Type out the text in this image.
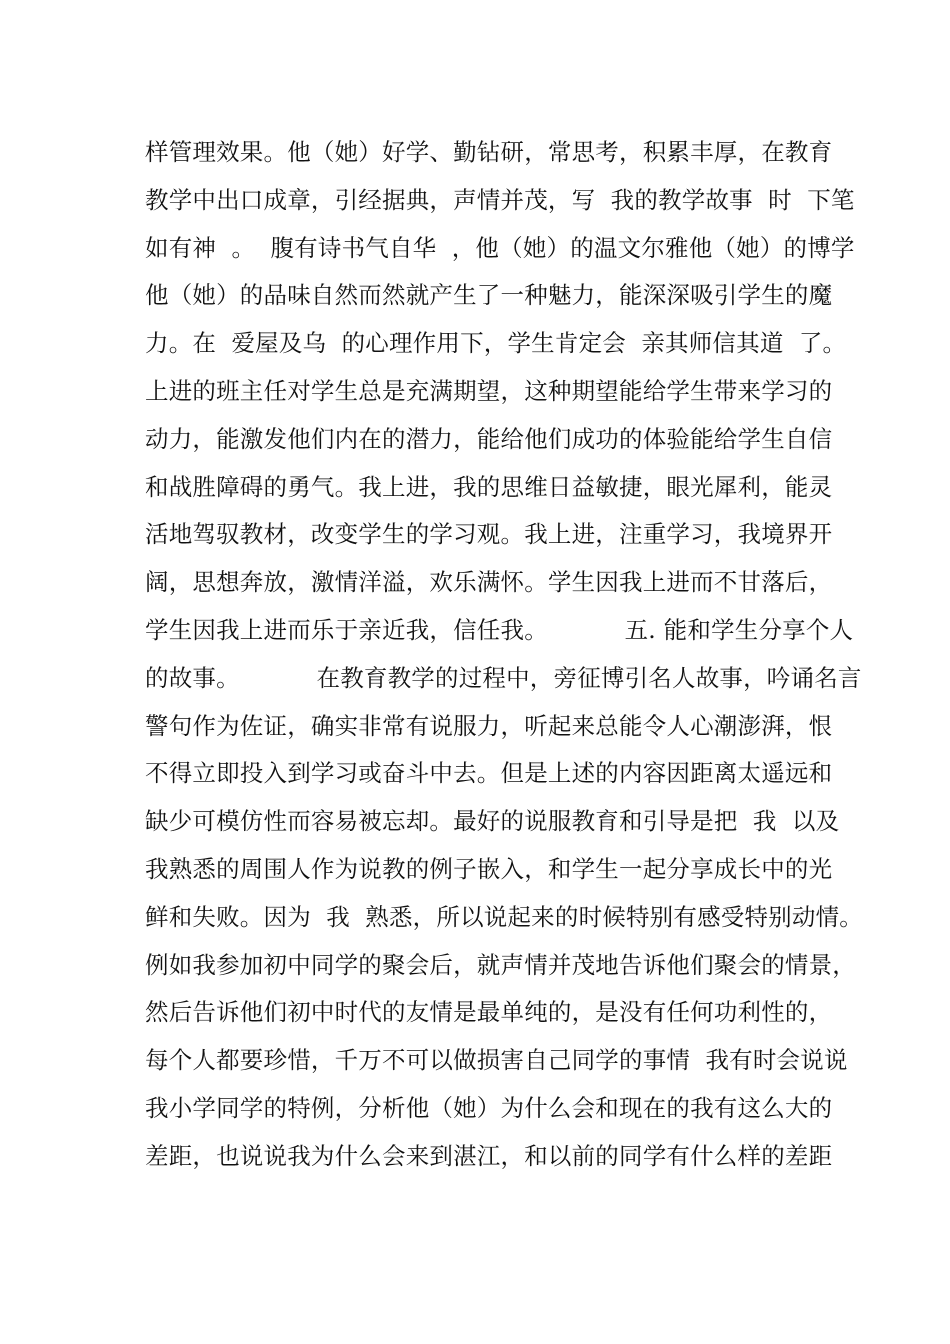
样管理效果。他（她）好学、勤钻研，常思考，积累丰厚，在教育
教学中出口成章，引经据典，声情并茂，写  我的教学故事  时  下笔
如有神  。  腹有诗书气自华  ，他（她）的温文尔雅他（她）的博学
他（她）的品味自然而然就产生了一种魅力，能深深吸引学生的魔
力。在  爱屋及乌  的心理作用下，学生肯定会  亲其师信其道  了。
上进的班主任对学生总是充满期望，这种期望能给学生带来学习的
动力，能激发他们内在的潜力，能给他们成功的体验能给学生自信
和战胜障碍的勇气。我上进，我的思维日益敏捷，眼光犀利，能灵
活地驾驭教材，改变学生的学习观。我上进，注重学习，我境界开
阔，思想奔放，激情洋溢，欢乐满怀。学生因我上进而不甘落后，
学生因我上进而乐于亲近我，信任我。          五. 能和学生分享个人
的故事。          在教育教学的过程中，旁征博引名人故事，吟诵名言
警句作为佐证，确实非常有说服力，听起来总能令人心潮澎湃，恨
不得立即投入到学习或奋斗中去。但是上述的内容因距离太遥远和
缺少可模仿性而容易被忘却。最好的说服教育和引导是把  我  以及
我熟悉的周围人作为说教的例子嵌入，和学生一起分享成长中的光
鲜和失败。因为  我  熟悉，所以说起来的时候特别有感受特别动情。
例如我参加初中同学的聚会后，就声情并茂地告诉他们聚会的情景，
然后告诉他们初中时代的友情是最单纯的，是没有任何功利性的，
每个人都要珍惜，千万不可以做损害自己同学的事情  我有时会说说
我小学同学的特例，分析他（她）为什么会和现在的我有这么大的
差距，也说说我为什么会来到湛江，和以前的同学有什么样的差距
